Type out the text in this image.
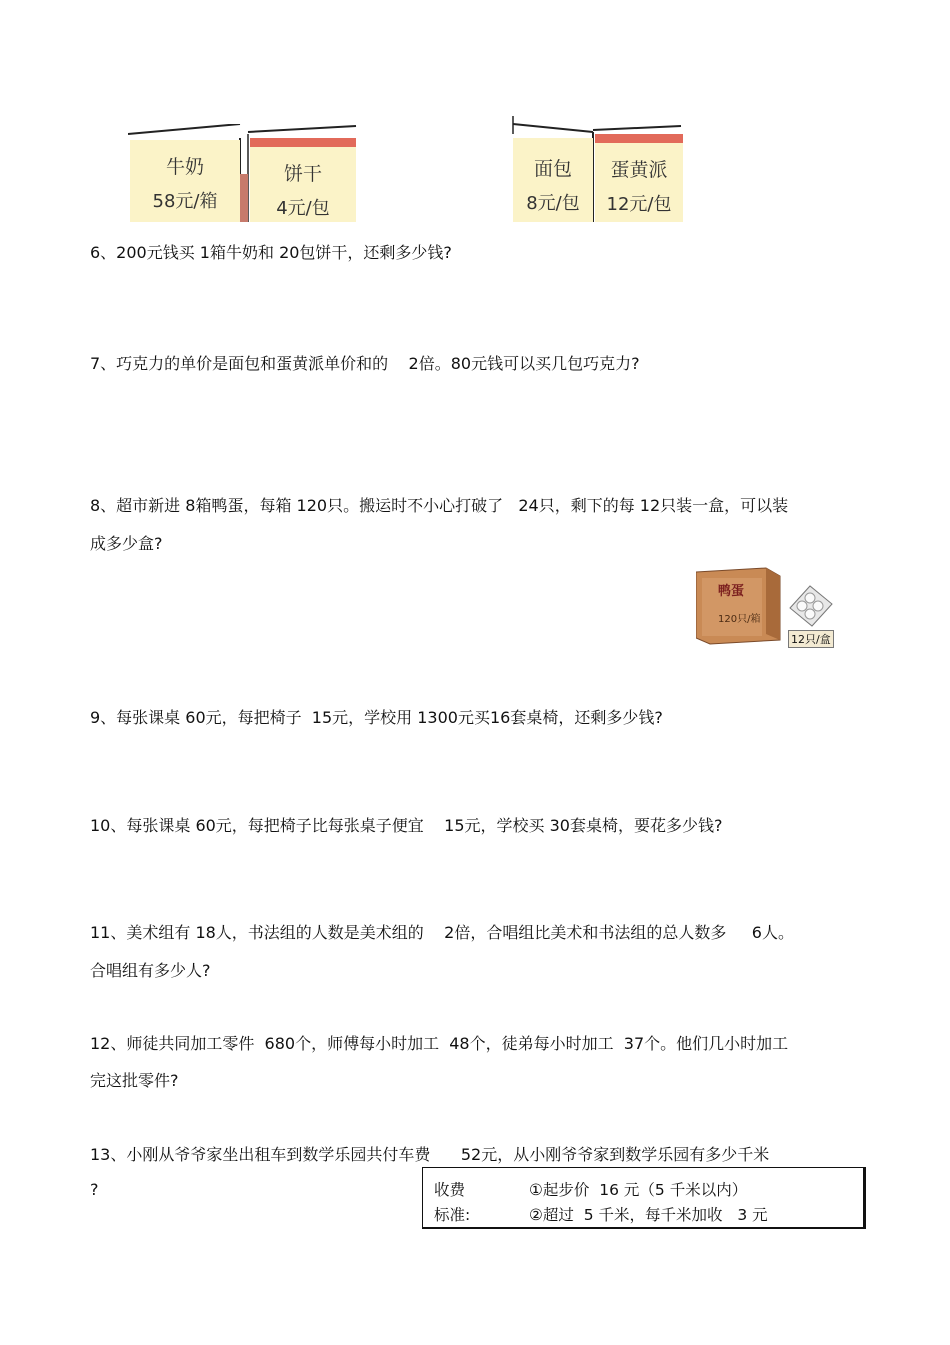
牛奶
58元/箱
饼干
4元/包
面包
8元/包
蛋黄派
12元/包
6、200元钱买 1箱牛奶和 20包饼干，还剩多少钱?
7、巧克力的单价是面包和蛋黄派单价和的    2倍。80元钱可以买几包巧克力?
8、超市新进 8箱鸭蛋，每箱 120只。搬运时不小心打破了   24只，剩下的每 12只装一盒，可以装
成多少盒?
鸭蛋
120只/箱
12只/盒
9、每张课桌 60元，每把椅子  15元，学校用 1300元买16套桌椅，还剩多少钱?
10、每张课桌 60元，每把椅子比每张桌子便宜    15元，学校买 30套桌椅，要花多少钱?
11、美术组有 18人，书法组的人数是美术组的    2倍，合唱组比美术和书法组的总人数多     6人。
合唱组有多少人?
12、师徒共同加工零件  680个，师傅每小时加工  48个，徒弟每小时加工  37个。他们几小时加工
完这批零件?
13、小刚从爷爷家坐出租车到数学乐园共付车费      52元，从小刚爷爷家到数学乐园有多少千米
?	收费
标准:
①起步价  16 元（5 千米以内）
②超过  5 千米，每千米加收   3 元
